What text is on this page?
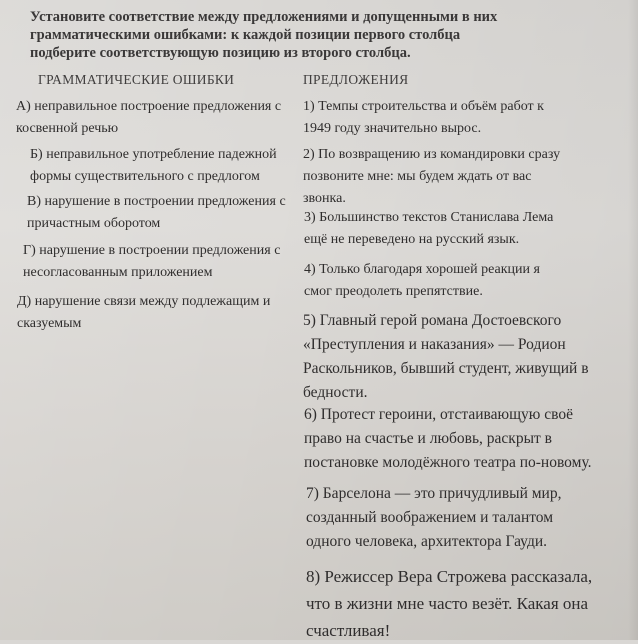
Установите соответствие между предложениями и допущенными в них

грамматическими ошибками: к каждой позиции первого столбца

подберите соответствующую позицию из второго столбца.

ГРАММАТИЧЕСКИЕ ОШИБКИ	ПРЕДЛОЖЕНИЯ
А) неправильное построение предложения с
косвенной речью
Б) неправильное употребление падежной
формы существительного с предлогом
В) нарушение в построении предложения с
причастным оборотом
Г) нарушение в построении предложения с
несогласованным приложением
Д) нарушение связи между подлежащим и
сказуемым
1) Темпы строительства и объём работ к
1949 году значительно вырос.
2) По возвращению из командировки сразу
позвоните мне: мы будем ждать от вас
звонка.
3) Большинство текстов Станислава Лема
ещё не переведено на русский язык.
4) Только благодаря хорошей реакции я
смог преодолеть препятствие.
5) Главный герой романа Достоевского
«Преступления и наказания» — Родион
Раскольников, бывший студент, живущий в
бедности.
6) Протест героини, отстаивающую своё
право на счастье и любовь, раскрыт в
постановке молодёжного театра по-новому.
7) Барселона — это причудливый мир,
созданный воображением и талантом
одного человека, архитектора Гауди.
8) Режиссер Вера Строжева рассказала,
что в жизни мне часто везёт. Какая она
счастливая!
